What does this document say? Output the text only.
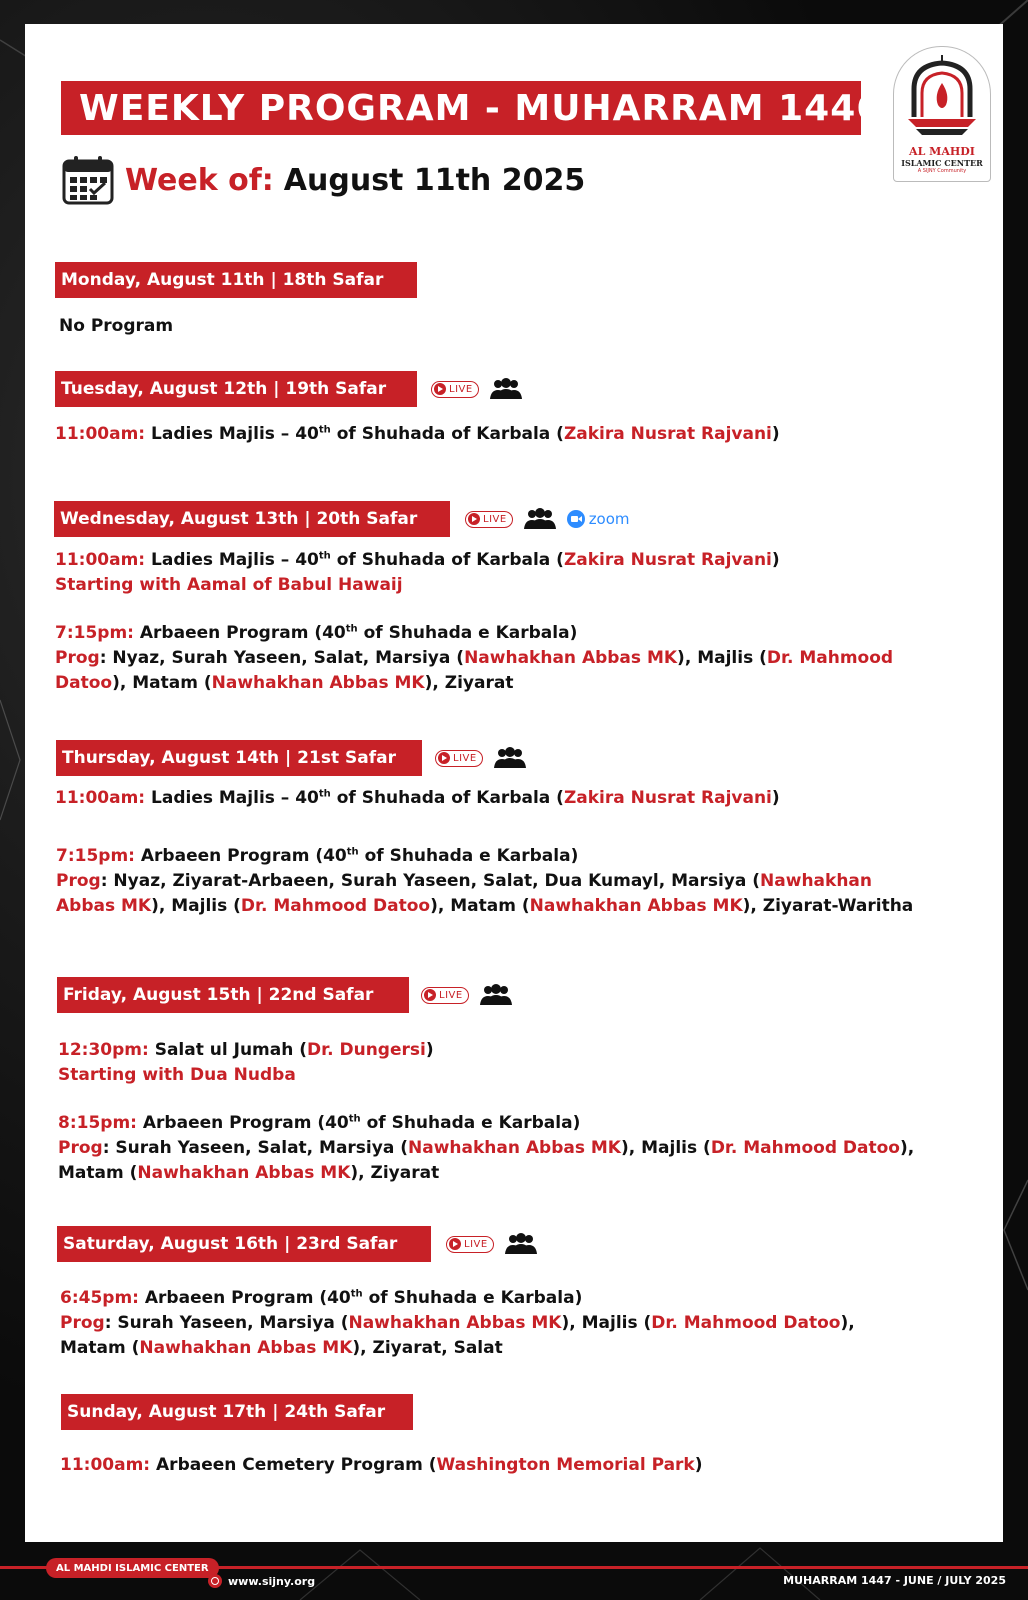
WEEKLY PROGRAM - MUHARRAM 1446
AL MAHDI
ISLAMIC CENTER
A SIJNY Community
Week of: August 11th 2025
Monday, August 11th | 18th Safar
No Program
Tuesday, August 12th | 19th Safar	LIVE
11:00am: Ladies Majlis – 40th of Shuhada of Karbala (Zakira Nusrat Rajvani)
Wednesday, August 13th | 20th Safar	LIVE	zoom
11:00am: Ladies Majlis – 40th of Shuhada of Karbala (Zakira Nusrat Rajvani)
Starting with Aamal of Babul Hawaij
7:15pm: Arbaeen Program (40th of Shuhada e Karbala)
Prog: Nyaz, Surah Yaseen, Salat, Marsiya (Nawhakhan Abbas MK), Majlis (Dr. Mahmood
Datoo), Matam (Nawhakhan Abbas MK), Ziyarat
Thursday, August 14th | 21st Safar	LIVE
11:00am: Ladies Majlis – 40th of Shuhada of Karbala (Zakira Nusrat Rajvani)
7:15pm: Arbaeen Program (40th of Shuhada e Karbala)
Prog: Nyaz, Ziyarat-Arbaeen, Surah Yaseen, Salat, Dua Kumayl, Marsiya (Nawhakhan
Abbas MK), Majlis (Dr. Mahmood Datoo), Matam (Nawhakhan Abbas MK), Ziyarat-Waritha
Friday, August 15th | 22nd Safar	LIVE
12:30pm: Salat ul Jumah (Dr. Dungersi)
Starting with Dua Nudba
8:15pm: Arbaeen Program (40th of Shuhada e Karbala)
Prog: Surah Yaseen, Salat, Marsiya (Nawhakhan Abbas MK), Majlis (Dr. Mahmood Datoo),
Matam (Nawhakhan Abbas MK), Ziyarat
Saturday, August 16th | 23rd Safar	LIVE
6:45pm: Arbaeen Program (40th of Shuhada e Karbala)
Prog: Surah Yaseen, Marsiya (Nawhakhan Abbas MK), Majlis (Dr. Mahmood Datoo),
Matam (Nawhakhan Abbas MK), Ziyarat, Salat
Sunday, August 17th | 24th Safar
11:00am: Arbaeen Cemetery Program (Washington Memorial Park)
AL MAHDI ISLAMIC CENTER
www.sijny.org	MUHARRAM 1447 - JUNE / JULY 2025
